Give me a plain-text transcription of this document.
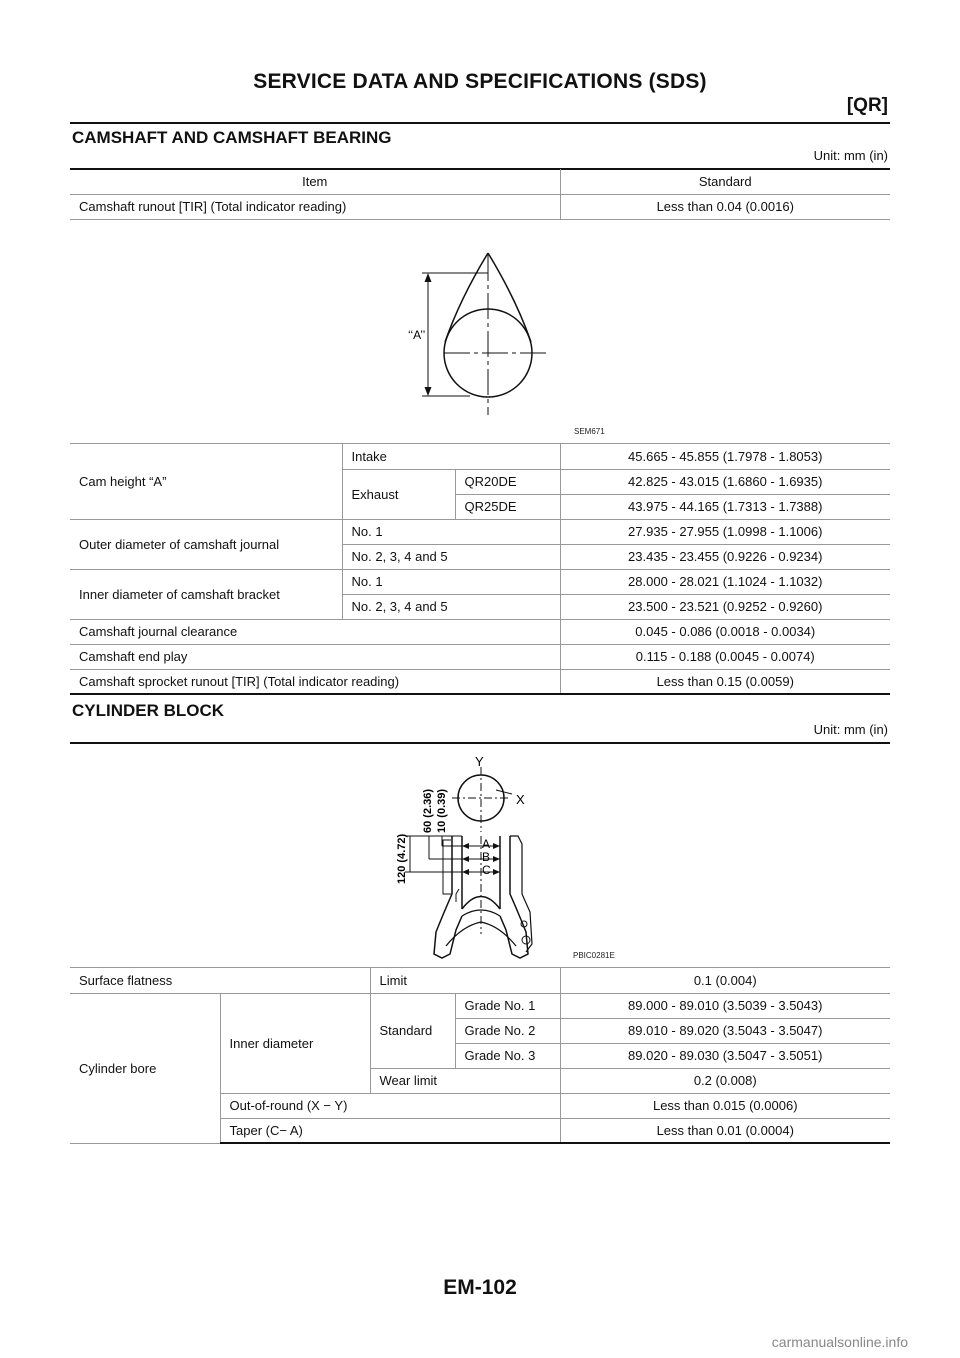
SERVICE DATA AND SPECIFICATIONS (SDS)
[QR]
CAMSHAFT AND CAMSHAFT BEARING
Unit: mm (in)
Item	Standard
Camshaft runout [TIR] (Total indicator reading)	Less than 0.04 (0.0016)
‘‘A’’
SEM671
Cam height “A”	Intake		45.665 - 45.855 (1.7978 - 1.8053)
	Exhaust	QR20DE	42.825 - 43.015 (1.6860 - 1.6935)
		QR25DE	43.975 - 44.165 (1.7313 - 1.7388)
Outer diameter of camshaft journal	No. 1		27.935 - 27.955 (1.0998 - 1.1006)
	No. 2, 3, 4 and 5		23.435 - 23.455 (0.9226 - 0.9234)
Inner diameter of camshaft bracket	No. 1		28.000 - 28.021 (1.1024 - 1.1032)
	No. 2, 3, 4 and 5		23.500 - 23.521 (0.9252 - 0.9260)
Camshaft journal clearance			0.045 - 0.086 (0.0018 - 0.0034)
Camshaft end play			0.115 - 0.188 (0.0045 - 0.0074)
Camshaft sprocket runout [TIR] (Total indicator reading)			Less than 0.15 (0.0059)
CYLINDER BLOCK
Unit: mm (in)
Y
X
A
B
C
120 (4.72)
60 (2.36) 10 (0.39)
PBIC0281E
Surface flatness		Limit		0.1 (0.004)
Cylinder bore	Inner diameter	Standard	Grade No. 1	89.000 - 89.010 (3.5039 - 3.5043)
			Grade No. 2	89.010 - 89.020 (3.5043 - 3.5047)
			Grade No. 3	89.020 - 89.030 (3.5047 - 3.5051)
		Wear limit		0.2 (0.008)
	Out-of-round (X − Y)			Less than 0.015 (0.0006)
	Taper (C− A)			Less than 0.01 (0.0004)
EM-102
carmanualsonline.info
